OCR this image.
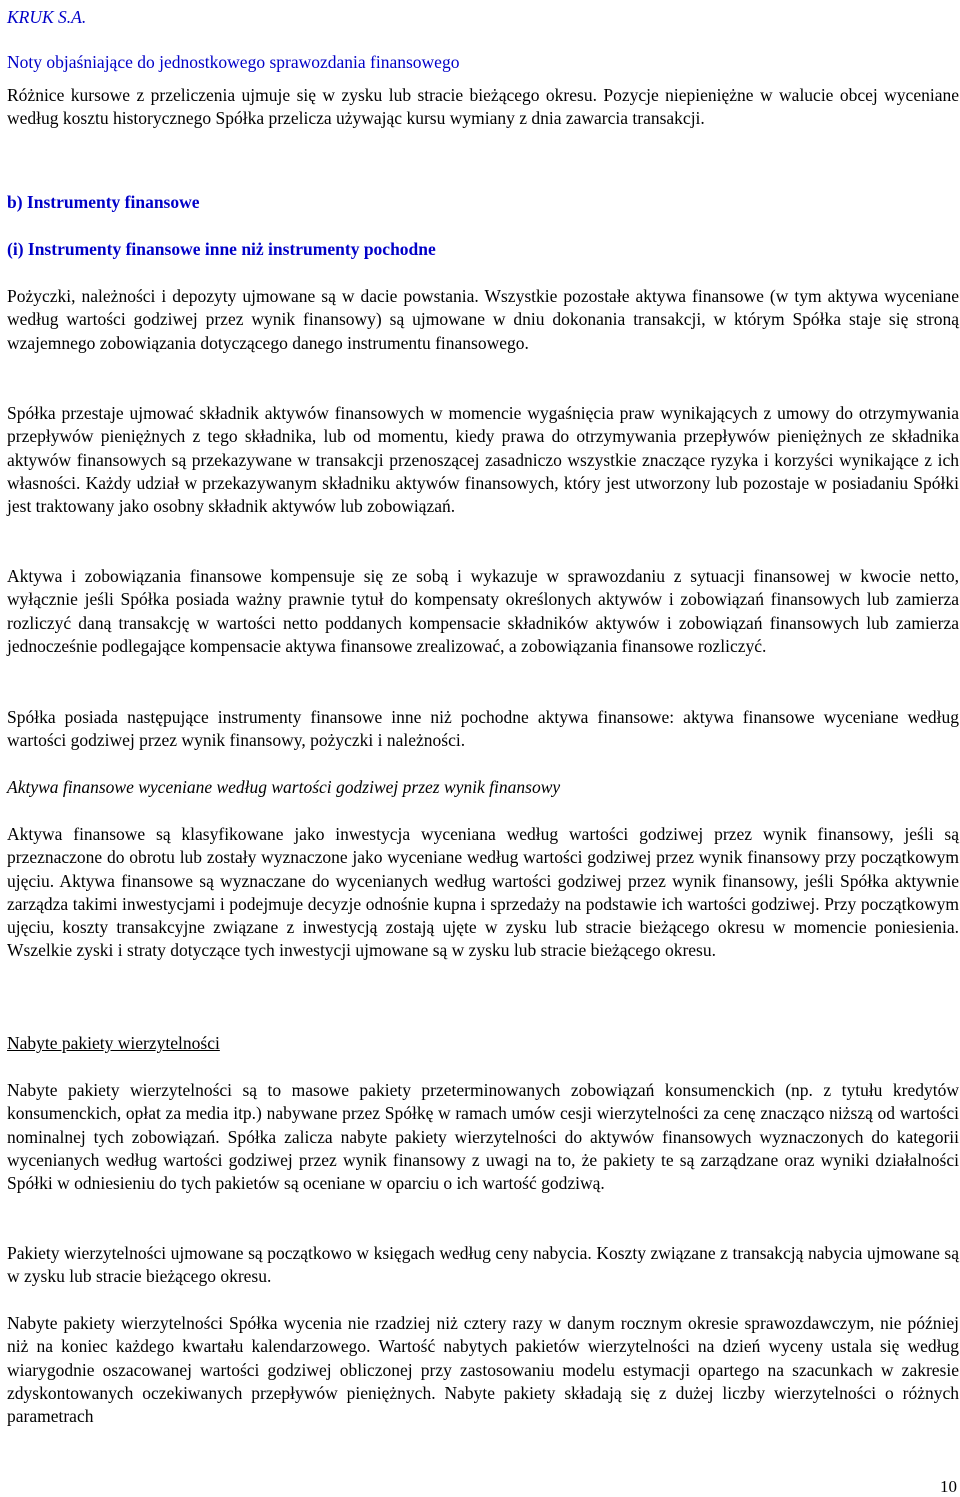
KRUK S.A.
Noty objaśniające do jednostkowego sprawozdania finansowego

Różnice kursowe z przeliczenia ujmuje się w zysku lub stracie bieżącego okresu. Pozycje niepieniężne w walucie obcej wyceniane według kosztu historycznego Spółka przelicza używając kursu wymiany z dnia zawarcia transakcji.

b) Instrumenty finansowe
(i) Instrumenty finansowe inne niż instrumenty pochodne

Pożyczki, należności i depozyty ujmowane są w dacie powstania. Wszystkie pozostałe aktywa finansowe (w tym aktywa wyceniane według wartości godziwej przez wynik finansowy) są ujmowane w dniu dokonania transakcji, w którym Spółka staje się stroną wzajemnego zobowiązania dotyczącego danego instrumentu finansowego.

Spółka przestaje ujmować składnik aktywów finansowych w momencie wygaśnięcia praw wynikających z umowy do otrzymywania przepływów pieniężnych z tego składnika, lub od momentu, kiedy prawa do otrzymywania przepływów pieniężnych ze składnika aktywów finansowych są przekazywane w transakcji przenoszącej zasadniczo wszystkie znaczące ryzyka i korzyści wynikające z ich własności. Każdy udział w przekazywanym składniku aktywów finansowych, który jest utworzony lub pozostaje w posiadaniu Spółki jest traktowany jako osobny składnik aktywów lub zobowiązań.

Aktywa i zobowiązania finansowe kompensuje się ze sobą i wykazuje w sprawozdaniu z sytuacji finansowej w kwocie netto, wyłącznie jeśli Spółka posiada ważny prawnie tytuł do kompensaty określonych aktywów i zobowiązań finansowych lub zamierza rozliczyć daną transakcję w wartości netto poddanych kompensacie składników aktywów i zobowiązań finansowych lub zamierza jednocześnie podlegające kompensacie aktywa finansowe zrealizować, a zobowiązania finansowe rozliczyć.

Spółka posiada następujące instrumenty finansowe inne niż pochodne aktywa finansowe: aktywa finansowe wyceniane według wartości godziwej przez wynik finansowy, pożyczki i należności.

Aktywa finansowe wyceniane według wartości godziwej przez wynik finansowy

Aktywa finansowe są klasyfikowane jako inwestycja wyceniana według wartości godziwej przez wynik finansowy, jeśli są przeznaczone do obrotu lub zostały wyznaczone jako wyceniane według wartości godziwej przez wynik finansowy przy początkowym ujęciu. Aktywa finansowe są wyznaczane do wycenianych według wartości godziwej przez wynik finansowy, jeśli Spółka aktywnie zarządza takimi inwestycjami i podejmuje decyzje odnośnie kupna i sprzedaży na podstawie ich wartości godziwej. Przy początkowym ujęciu, koszty transakcyjne związane z inwestycją zostają ujęte w zysku lub stracie bieżącego okresu w momencie poniesienia. Wszelkie zyski i straty dotyczące tych inwestycji ujmowane są w zysku lub stracie bieżącego okresu.

Nabyte pakiety wierzytelności

Nabyte pakiety wierzytelności są to masowe pakiety przeterminowanych zobowiązań konsumenckich (np. z tytułu kredytów konsumenckich, opłat za media itp.) nabywane przez Spółkę w ramach umów cesji wierzytelności za cenę znacząco niższą od wartości nominalnej tych zobowiązań. Spółka zalicza nabyte pakiety wierzytelności do aktywów finansowych wyznaczonych do kategorii wycenianych według wartości godziwej przez wynik finansowy z uwagi na to, że pakiety te są zarządzane oraz wyniki działalności Spółki w odniesieniu do tych pakietów są oceniane w oparciu o ich wartość godziwą.

Pakiety wierzytelności ujmowane są początkowo w księgach według ceny nabycia. Koszty związane z transakcją nabycia ujmowane są w zysku lub stracie bieżącego okresu.

Nabyte pakiety wierzytelności Spółka wycenia nie rzadziej niż cztery razy w danym rocznym okresie sprawozdawczym, nie później niż na koniec każdego kwartału kalendarzowego. Wartość nabytych pakietów wierzytelności na dzień wyceny ustala się według wiarygodnie oszacowanej wartości godziwej obliczonej przy zastosowaniu modelu estymacji opartego na szacunkach w zakresie zdyskontowanych oczekiwanych przepływów pieniężnych. Nabyte pakiety składają się z dużej liczby wierzytelności o różnych parametrach

10
